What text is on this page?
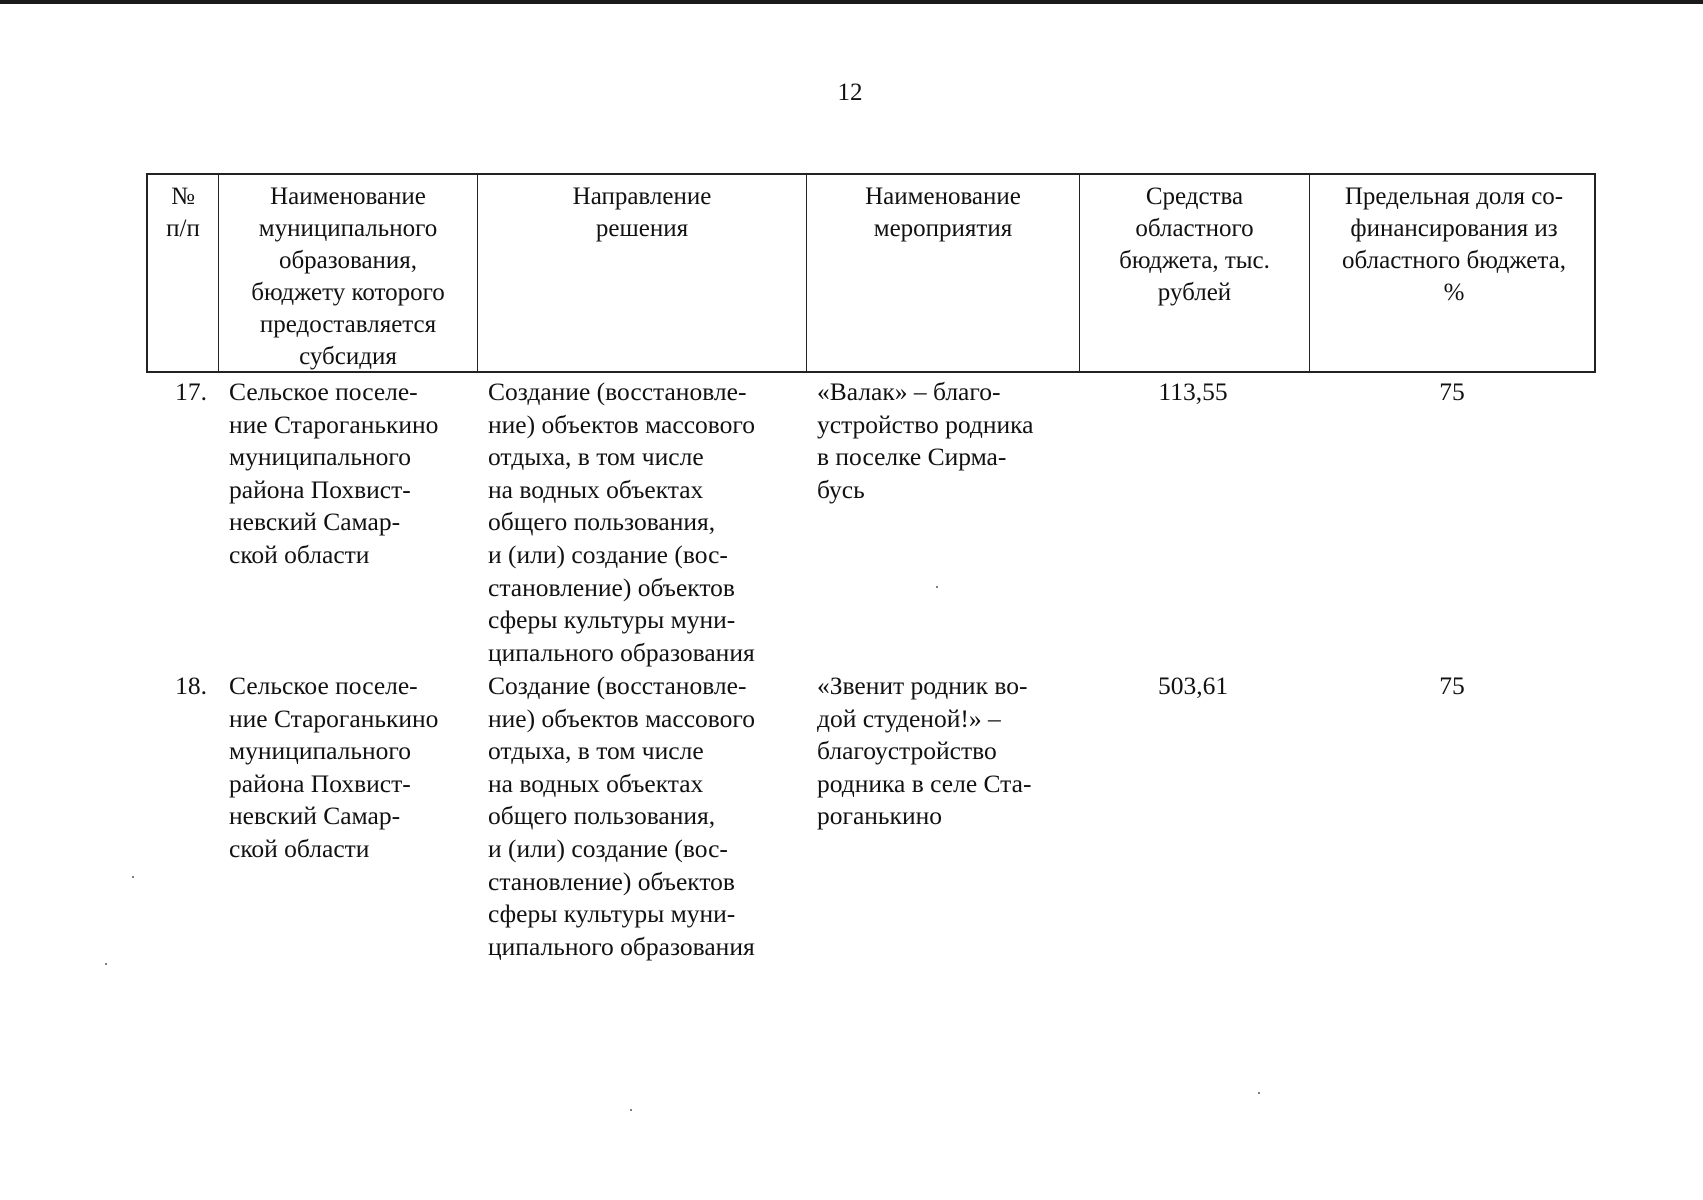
12
№
п/п
Наименование
муниципального
образования,
бюджету которого
предоставляется
субсидия
Направление
решения
Наименование
мероприятия
Средства
областного
бюджета, тыс.
рублей
Предельная доля со-
финансирования из
областного бюджета,
%
17. Сельское поселе-
ние Староганькино
муниципального
района Похвист-
невский Самар-
ской области
Создание (восстановле-
ние) объектов массового
отдыха, в том числе
на водных объектах
общего пользования,
и (или) создание (вос-
становление) объектов
сферы культуры муни-
ципального образования
«Валак» – благо-
устройство родника
в поселке Сирма-
бусь
113,55	75
18. Сельское поселе-
ние Староганькино
муниципального
района Похвист-
невский Самар-
ской области
Создание (восстановле-
ние) объектов массового
отдыха, в том числе
на водных объектах
общего пользования,
и (или) создание (вос-
становление) объектов
сферы культуры муни-
ципального образования
«Звенит родник во-
дой студеной!» –
благоустройство
родника в селе Ста-
роганькино
503,61	75
